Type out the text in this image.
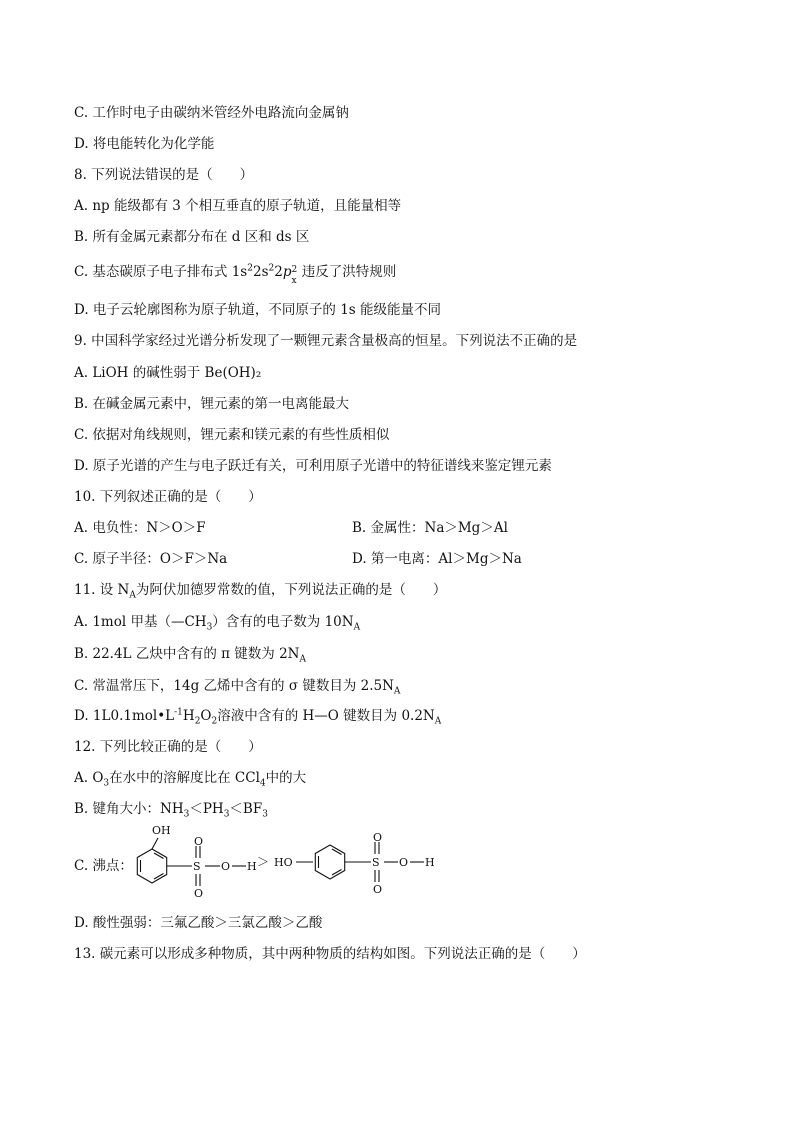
C. 工作时电子由碳纳米管经外电路流向金属钠
D. 将电能转化为化学能
8. 下列说法错误的是（　　）
A. np 能级都有 3 个相互垂直的原子轨道，且能量相等
B. 所有金属元素都分布在 d 区和 ds 区
C. 基态碳原子电子排布式 $1s^22s^22p$ 2
x
违反了洪特规则
D. 电子云轮廓图称为原子轨道，不同原子的 1s 能级能量不同
9. 中国科学家经过光谱分析发现了一颗锂元素含量极高的恒星。下列说法不正确的是
A. LiOH 的碱性弱于 Be(OH)₂
B. 在碱金属元素中，锂元素的第一电离能最大
C. 依据对角线规则，锂元素和镁元素的有些性质相似
D. 原子光谱的产生与电子跃迁有关，可利用原子光谱中的特征谱线来鉴定锂元素
10. 下列叙述正确的是（　　）
A. 电负性：N＞O＞F	B. 金属性：Na＞Mg＞Al
C. 原子半径：O＞F＞Na	D. 第一电离：Al＞Mg＞Na
11. 设 $N_A$为阿伏加德罗常数的值，下列说法正确的是（　　）
A. 1mol 甲基$(—CH_3)$含有的电子数为 $10N_A$
B. 22.4L 乙炔中含有的 π 键数为 $2N_A$
C. 常温常压下，14g 乙烯中含有的 σ 键数目为 $2.5N_A$
D. $1L0.1mol•L^{-1}H_2O_2$溶液中含有的 H—O 键数目为 $0.2N_A$
12. 下列比较正确的是（　　）
A. $O_3$在水中的溶解度比在 CCl$_4$中的大
B. 键角大小：$NH_3<PH_3<BF_3$
C. 沸点：
OH
S
O
O
O H ＞ HO	S
O
O
O H
D. 酸性强弱：三氟乙酸＞三氯乙酸＞乙酸
13. 碳元素可以形成多种物质，其中两种物质的结构如图。下列说法正确的是（　　）
